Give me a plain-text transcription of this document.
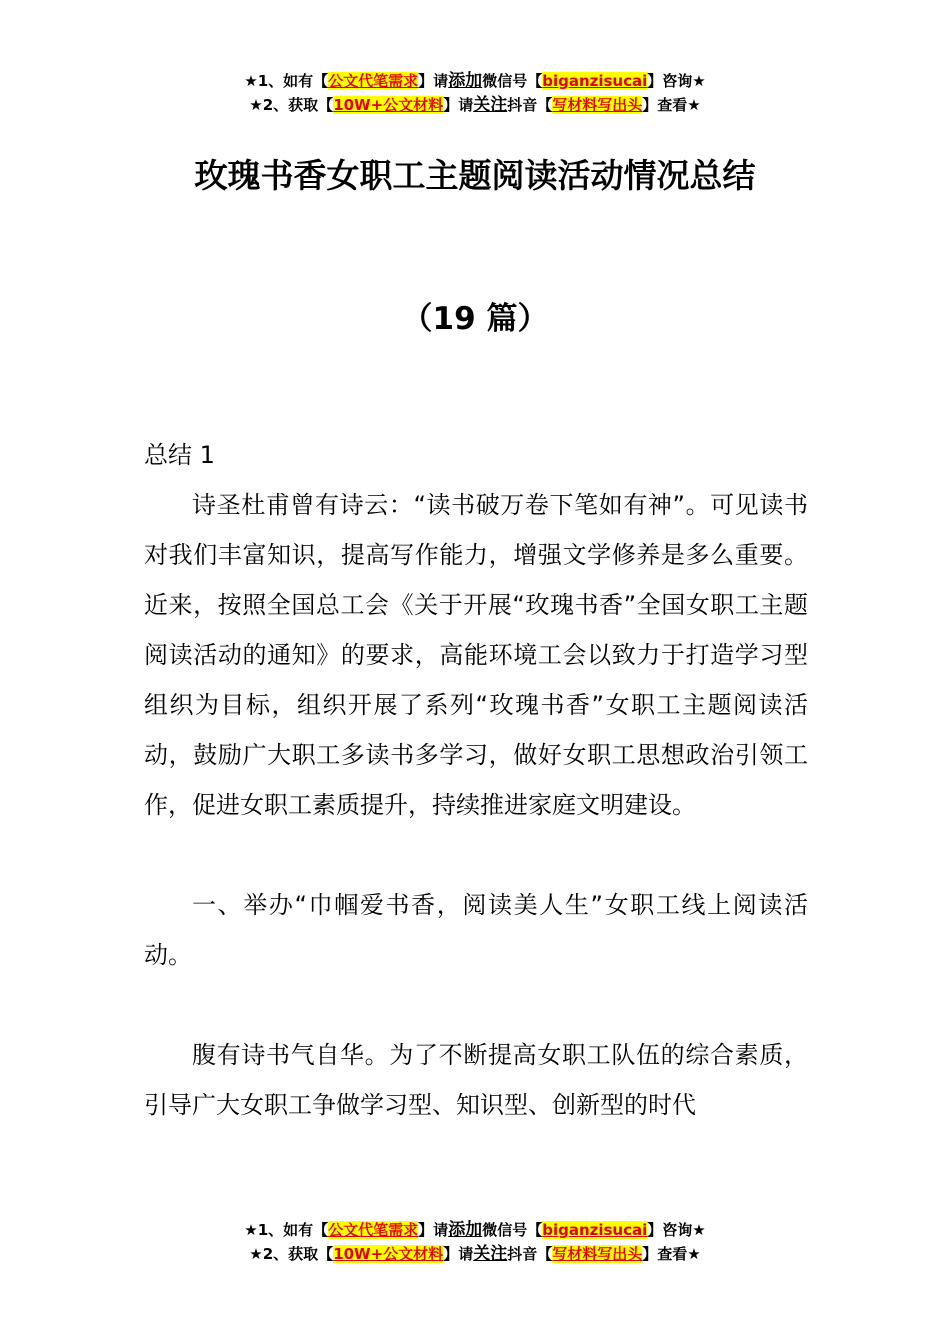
★1、如有【公文代笔需求】请添加微信号【biganzisucai】咨询★
★2、获取【10W+公文材料】请关注抖音【写材料写出头】查看★
玫瑰书香女职工主题阅读活动情况总结
（19 篇）
总结 1

诗圣杜甫曾有诗云：“读书破万卷下笔如有神”。可见读书对我们丰富知识，提高写作能力，增强文学修养是多么重要。近来，按照全国总工会《关于开展“玫瑰书香”全国女职工主题阅读活动的通知》的要求，高能环境工会以致力于打造学习型组织为目标，组织开展了系列“玫瑰书香”女职工主题阅读活动，鼓励广大职工多读书多学习，做好女职工思想政治引领工作，促进女职工素质提升，持续推进家庭文明建设。

一、举办“巾帼爱书香，阅读美人生”女职工线上阅读活动。

腹有诗书气自华。为了不断提高女职工队伍的综合素质，引导广大女职工争做学习型、知识型、创新型的时代

★1、如有【公文代笔需求】请添加微信号【biganzisucai】咨询★
★2、获取【10W+公文材料】请关注抖音【写材料写出头】查看★
